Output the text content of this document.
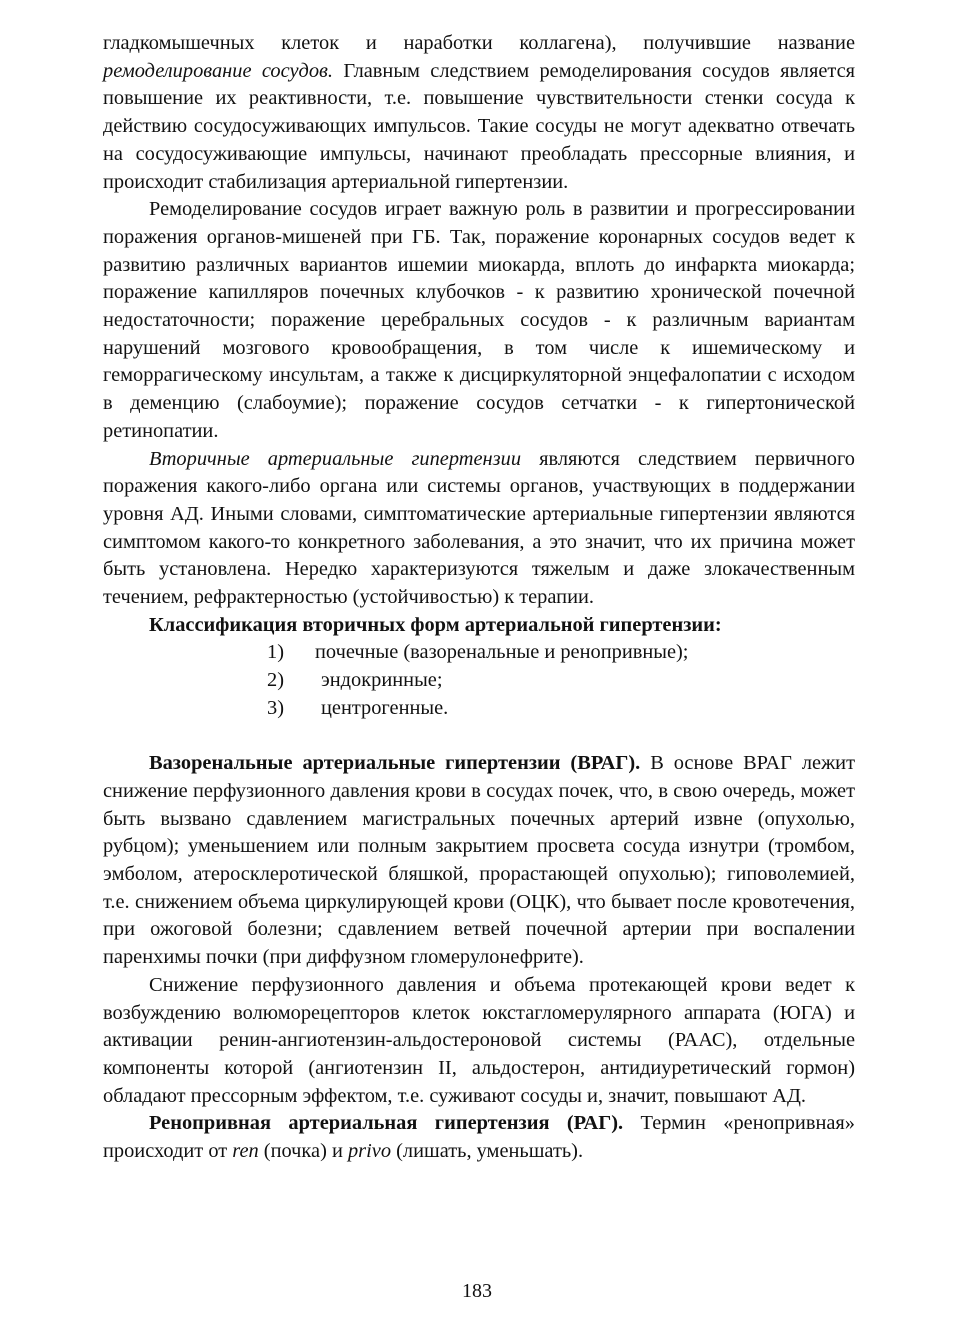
гладкомышечных клеток и наработки коллагена), получившие название ремоделирование сосудов. Главным следствием ремоделирования сосудов является повышение их реактивности, т.е. повышение чувствительности стенки сосуда к действию сосудосуживающих импульсов. Такие сосуды не могут адекватно отвечать на сосудосуживающие импульсы, начинают преобладать прессорные влияния, и происходит стабилизация артериальной гипертензии.

Ремоделирование сосудов играет важную роль в развитии и прогрессировании поражения органов-мишеней при ГБ. Так, поражение коронарных сосудов ведет к развитию различных вариантов ишемии миокарда, вплоть до инфаркта миокарда; поражение капилляров почечных клубочков - к развитию хронической почечной недостаточности; поражение церебральных сосудов - к различным вариантам нарушений мозгового кровообращения, в том числе к ишемическому и геморрагическому инсультам, а также к дисциркуляторной энцефалопатии с исходом в деменцию (слабоумие); поражение сосудов сетчатки - к гипертонической ретинопатии.

Вторичные артериальные гипертензии являются следствием первичного поражения какого-либо органа или системы органов, участвующих в поддержании уровня АД. Иными словами, симптоматические артериальные гипертензии являются симптомом какого-то конкретного заболевания, а это значит, что их причина может быть установлена. Нередко характеризуются тяжелым и даже злокачественным течением, рефрактерностью (устойчивостью) к терапии.

Классификация вторичных форм артериальной гипертензии:

1) почечные (вазоренальные и ренопривные);
2) эндокринные;
3) центрогенные.

Вазоренальные артериальные гипертензии (ВРАГ). В основе ВРАГ лежит снижение перфузионного давления крови в сосудах почек, что, в свою очередь, может быть вызвано сдавлением магистральных почечных артерий извне (опухолью, рубцом); уменьшением или полным закрытием просвета сосуда изнутри (тромбом, эмболом, атеросклеротической бляшкой, прорастающей опухолью); гиповолемией, т.е. снижением объема циркулирующей крови (ОЦК), что бывает после кровотечения, при ожоговой болезни; сдавлением ветвей почечной артерии при воспалении паренхимы почки (при диффузном гломерулонефрите).

Снижение перфузионного давления и объема протекающей крови ведет к возбуждению волюморецепторов клеток юкстагломерулярного аппарата (ЮГА) и активации ренин-ангиотензин-альдостероновой системы (РААС), отдельные компоненты которой (ангиотензин II, альдостерон, антидиуретический гормон) обладают прессорным эффектом, т.е. суживают сосуды и, значит, повышают АД.

Ренопривная артериальная гипертензия (РАГ). Термин «ренопривная» происходит от ren (почка) и privo (лишать, уменьшать).

183
